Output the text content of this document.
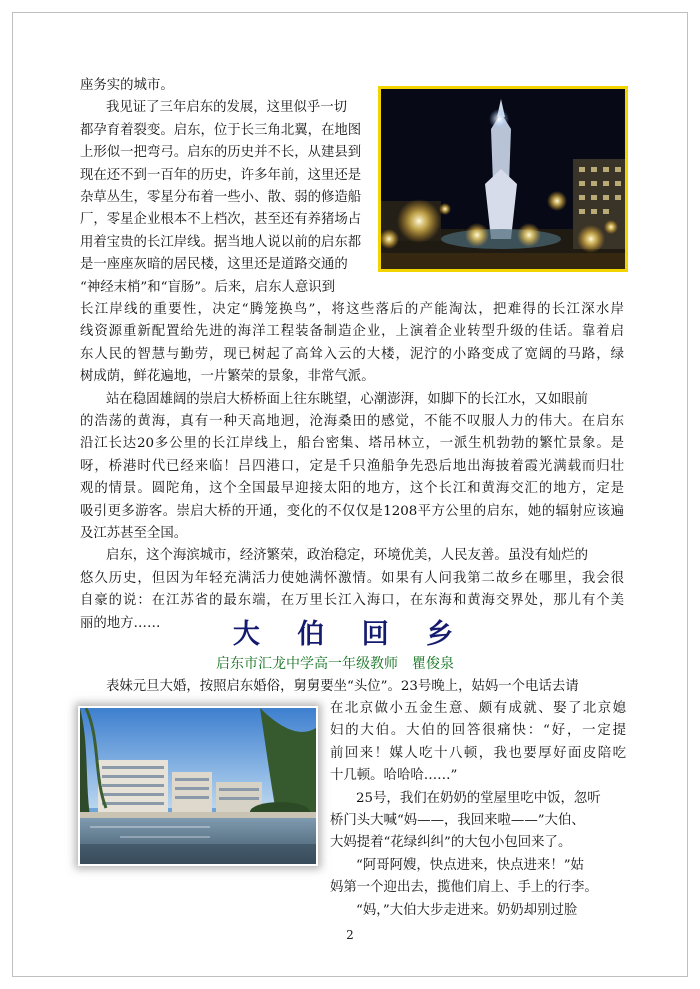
座务实的城市。

我见证了三年启东的发展，这里似乎一切

都孕育着裂变。启东，位于长三角北翼，在地图

上形似一把弯弓。启东的历史并不长，从建县到

现在还不到一百年的历史，许多年前，这里还是

杂草丛生，零星分布着一些小、散、弱的修造船

厂，零星企业根本不上档次，甚至还有养猪场占

用着宝贵的长江岸线。据当地人说以前的启东都

是一座座灰暗的居民楼，这里还是道路交通的

“神经末梢”和“盲肠”。后来，启东人意识到

长江岸线的重要性，决定“腾笼换鸟”，将这些落后的产能淘汰，把难得的长江深水岸

线资源重新配置给先进的海洋工程装备制造企业，上演着企业转型升级的佳话。靠着启

东人民的智慧与勤劳，现已树起了高耸入云的大楼，泥泞的小路变成了宽阔的马路，绿

树成荫，鲜花遍地，一片繁荣的景象，非常气派。

站在稳固雄阔的崇启大桥桥面上往东眺望，心潮澎湃，如脚下的长江水，又如眼前

的浩荡的黄海，真有一种天高地迥，沧海桑田的感觉，不能不叹服人力的伟大。在启东

沿江长达20多公里的长江岸线上，船台密集、塔吊林立，一派生机勃勃的繁忙景象。是

呀，桥港时代已经来临！吕四港口，定是千只渔船争先恐后地出海披着霞光满载而归壮

观的情景。圆陀角，这个全国最早迎接太阳的地方，这个长江和黄海交汇的地方，定是

吸引更多游客。崇启大桥的开通，变化的不仅仅是1208平方公里的启东，她的辐射应该遍

及江苏甚至全国。

启东，这个海滨城市，经济繁荣，政治稳定，环境优美，人民友善。虽没有灿烂的

悠久历史，但因为年轻充满活力使她满怀激情。如果有人问我第二故乡在哪里，我会很

自豪的说：在江苏省的最东端，在万里长江入海口，在东海和黄海交界处，那儿有个美

丽的地方……	大 伯 回 乡

启东市汇龙中学高一年级教师　瞿俊泉

表妹元旦大婚，按照启东婚俗，舅舅要坐“头位”。23号晚上，姑妈一个电话去请

在北京做小五金生意、颇有成就、娶了北京媳

妇的大伯。大伯的回答很痛快：“好，一定提

前回来！媒人吃十八顿，我也要厚好面皮陪吃

十几顿。哈哈哈……”

25号，我们在奶奶的堂屋里吃中饭，忽听

桥门头大喊“妈——，我回来啦——”大伯、

大妈提着“花绿纠纠”的大包小包回来了。

“阿哥阿嫂，快点进来，快点进来！”姑

妈第一个迎出去，揽他们肩上、手上的行李。

“妈，”大伯大步走进来。奶奶却别过脸

2
